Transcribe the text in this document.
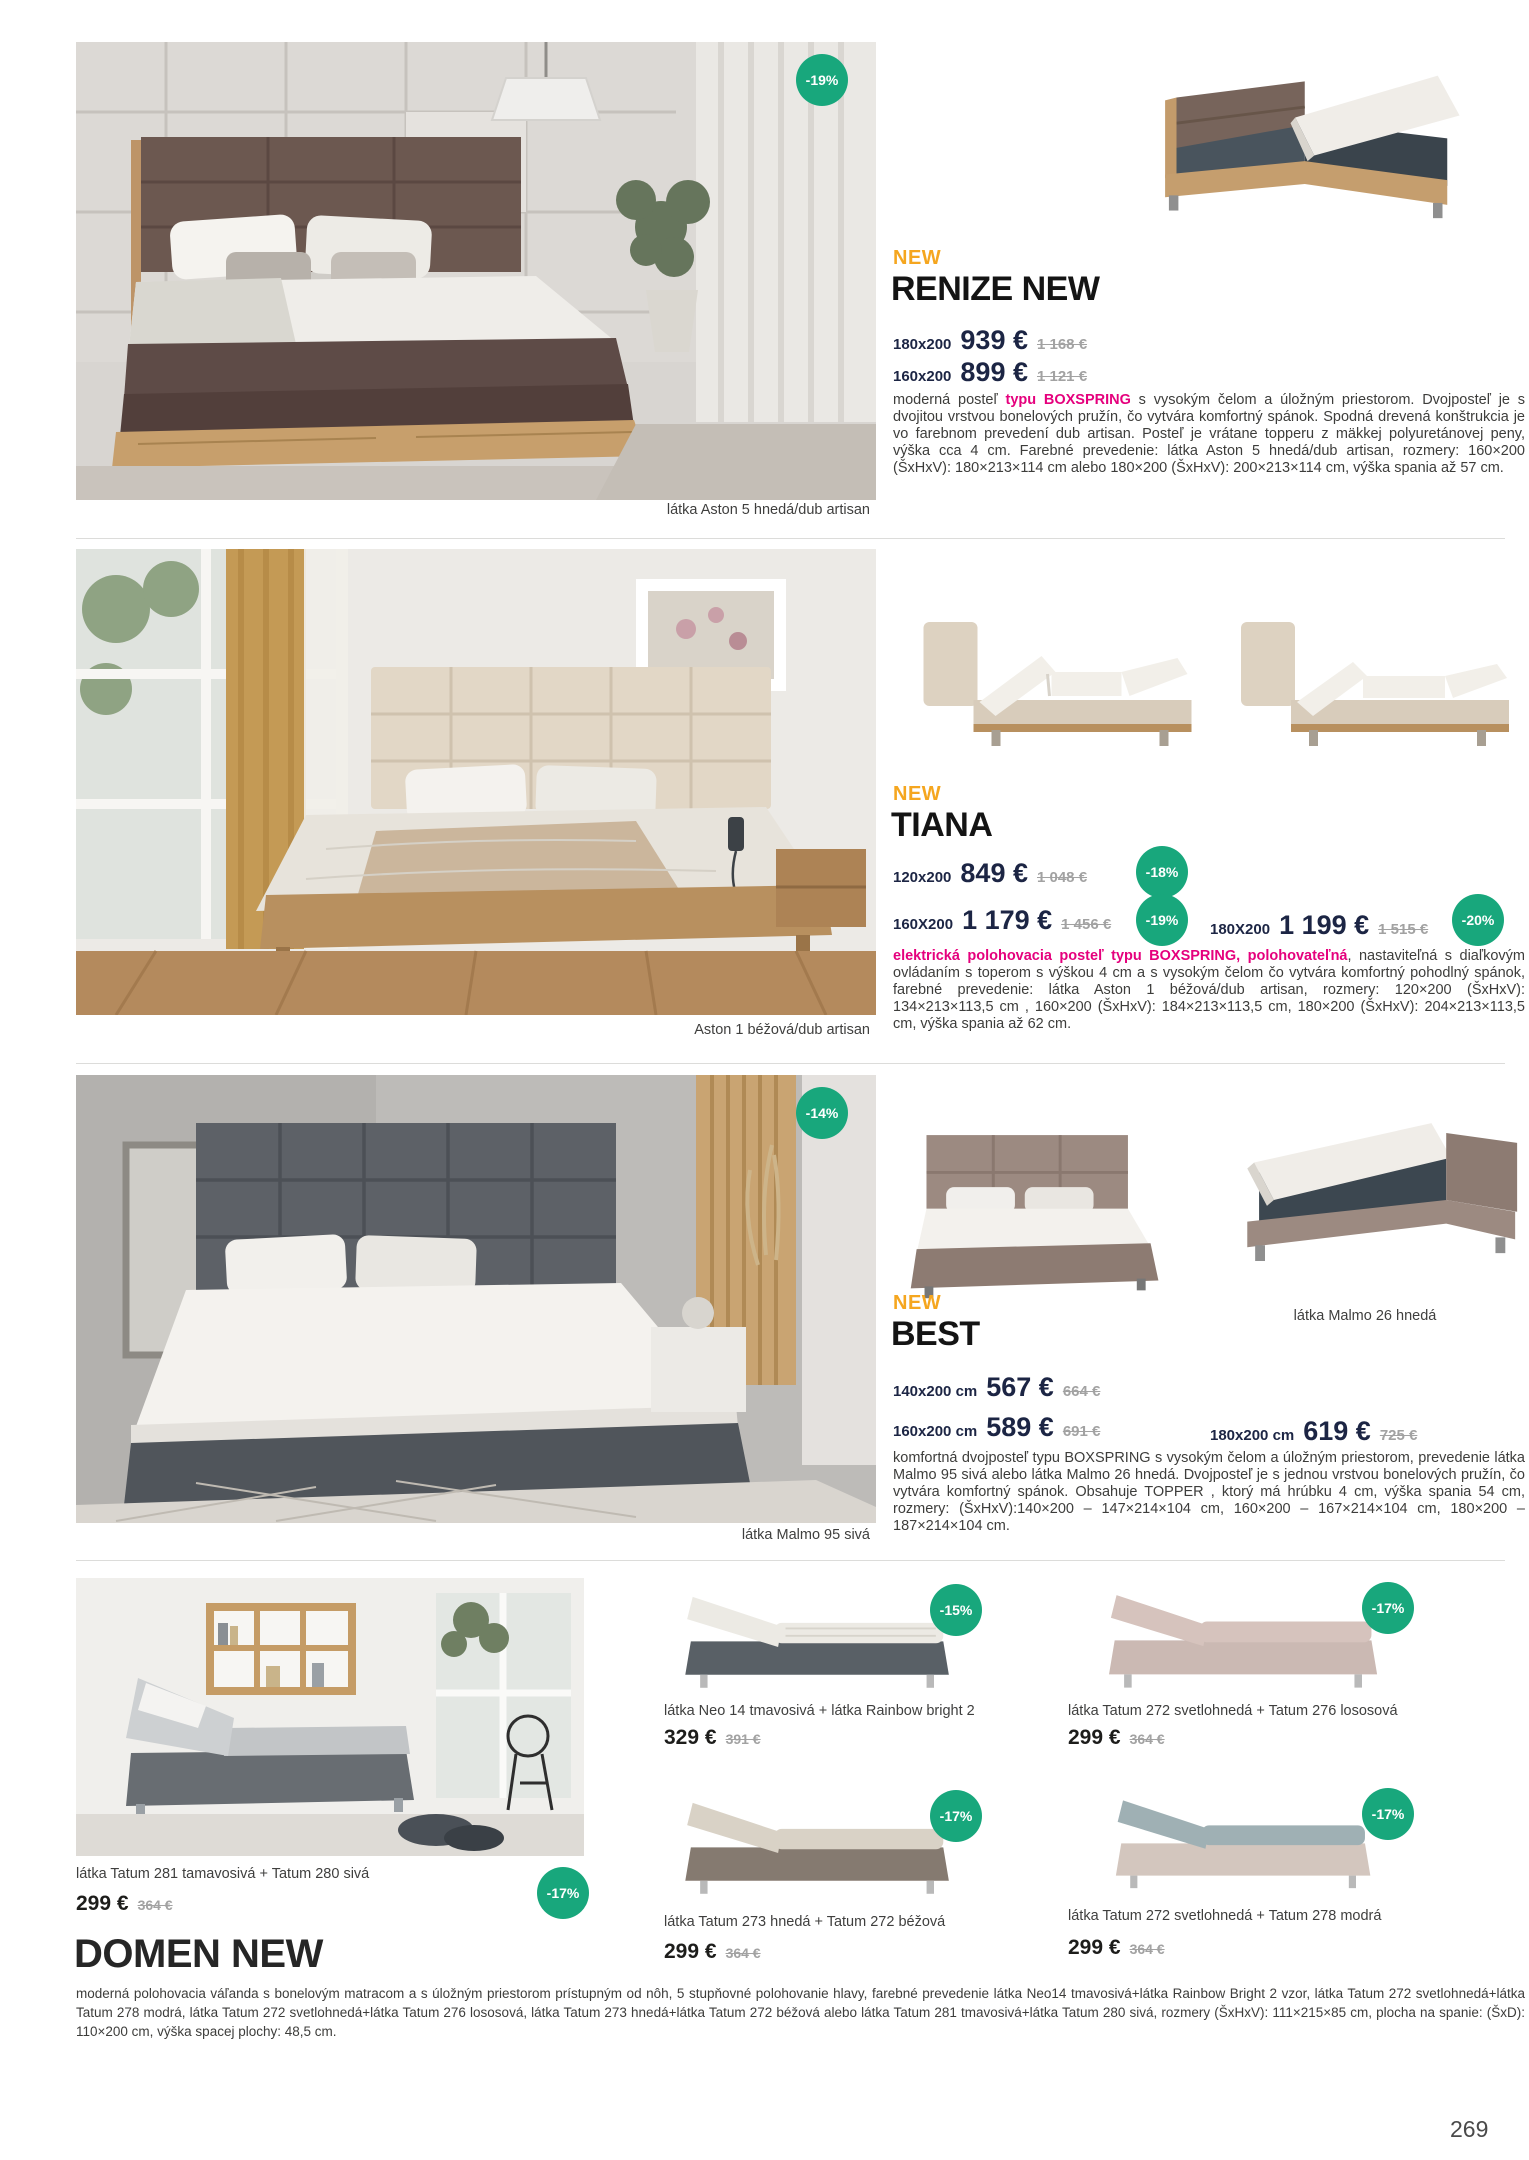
-19%
látka Aston 5 hnedá/dub artisan
NEW
RENIZE NEW
180x200 939 € 1 168 €
160x200 899 € 1 121 €
moderná posteľ typu BOXSPRING s vysokým čelom a úložným priestorom. Dvojposteľ je s dvojitou vrstvou bonelových pružín, čo vytvára komfortný spánok. Spodná drevená konštrukcia je vo farebnom prevedení dub artisan. Posteľ je vrátane topperu z mäkkej polyuretánovej peny, výška cca 4 cm. Farebné prevedenie: látka Aston 5 hnedá/dub artisan, rozmery: 160×200 (ŠxHxV): 180×213×114 cm alebo 180×200 (ŠxHxV): 200×213×114 cm, výška spania až 57 cm.
Aston 1 béžová/dub artisan
NEW
TIANA
120x200 849 € 1 048 €	-18%
160X200 1 179 € 1 456 €	-19%
180X200 1 199 € 1 515 €
-20%
elektrická polohovacia posteľ typu BOXSPRING, polohovateľná, nastaviteľná s diaľkovým ovládaním s toperom s výškou 4 cm a s vysokým čelom čo vytvára komfortný pohodlný spánok, farebné prevedenie: látka Aston 1 béžová/dub artisan, rozmery: 120×200 (ŠxHxV): 134×213×113,5 cm , 160×200 (ŠxHxV): 184×213×113,5 cm, 180×200 (ŠxHxV): 204×213×113,5 cm, výška spania až 62 cm.
-14%
látka Malmo 95 sivá
látka Malmo 26 hnedá
NEW
BEST
140x200 cm 567 € 664 €
160x200 cm 589 € 691 €	180x200 cm 619 € 725 €
komfortná dvojposteľ typu BOXSPRING s vysokým čelom a úložným priestorom, prevedenie látka Malmo 95 sivá alebo látka Malmo 26 hnedá. Dvojposteľ je s jednou vrstvou bonelových pružín, čo vytvára komfortný spánok. Obsahuje TOPPER , ktorý má hrúbku 4 cm, výška spania 54 cm, rozmery: (ŠxHxV):140×200 – 147×214×104 cm, 160×200 – 167×214×104 cm, 180×200 – 187×214×104 cm.
látka Tatum 281 tamavosivá + Tatum 280 sivá
299 € 364 €
-17%
DOMEN NEW
-15%
látka Neo 14 tmavosivá + látka Rainbow bright 2
329 € 391 €
-17%
látka Tatum 272 svetlohnedá + Tatum 276 lososová
299 € 364 €
-17%
látka Tatum 273 hnedá + Tatum 272 béžová
299 € 364 €
-17%
látka Tatum 272 svetlohnedá + Tatum 278 modrá
299 € 364 €
moderná polohovacia váľanda s bonelovým matracom a s úložným priestorom prístupným od nôh, 5 stupňovné polohovanie hlavy, farebné prevedenie látka Neo14 tmavosivá+látka Rainbow Bright 2 vzor, látka Tatum 272 svetlohnedá+látka Tatum 278 modrá, látka Tatum 272 svetlohnedá+látka Tatum 276 lososová, látka Tatum 273 hnedá+látka Tatum 272 béžová alebo látka Tatum 281 tmavosivá+látka Tatum 280 sivá, rozmery (ŠxHxV): 111×215×85 cm, plocha na spanie: (ŠxD): 110×200 cm, výška spacej plochy: 48,5 cm.
269
